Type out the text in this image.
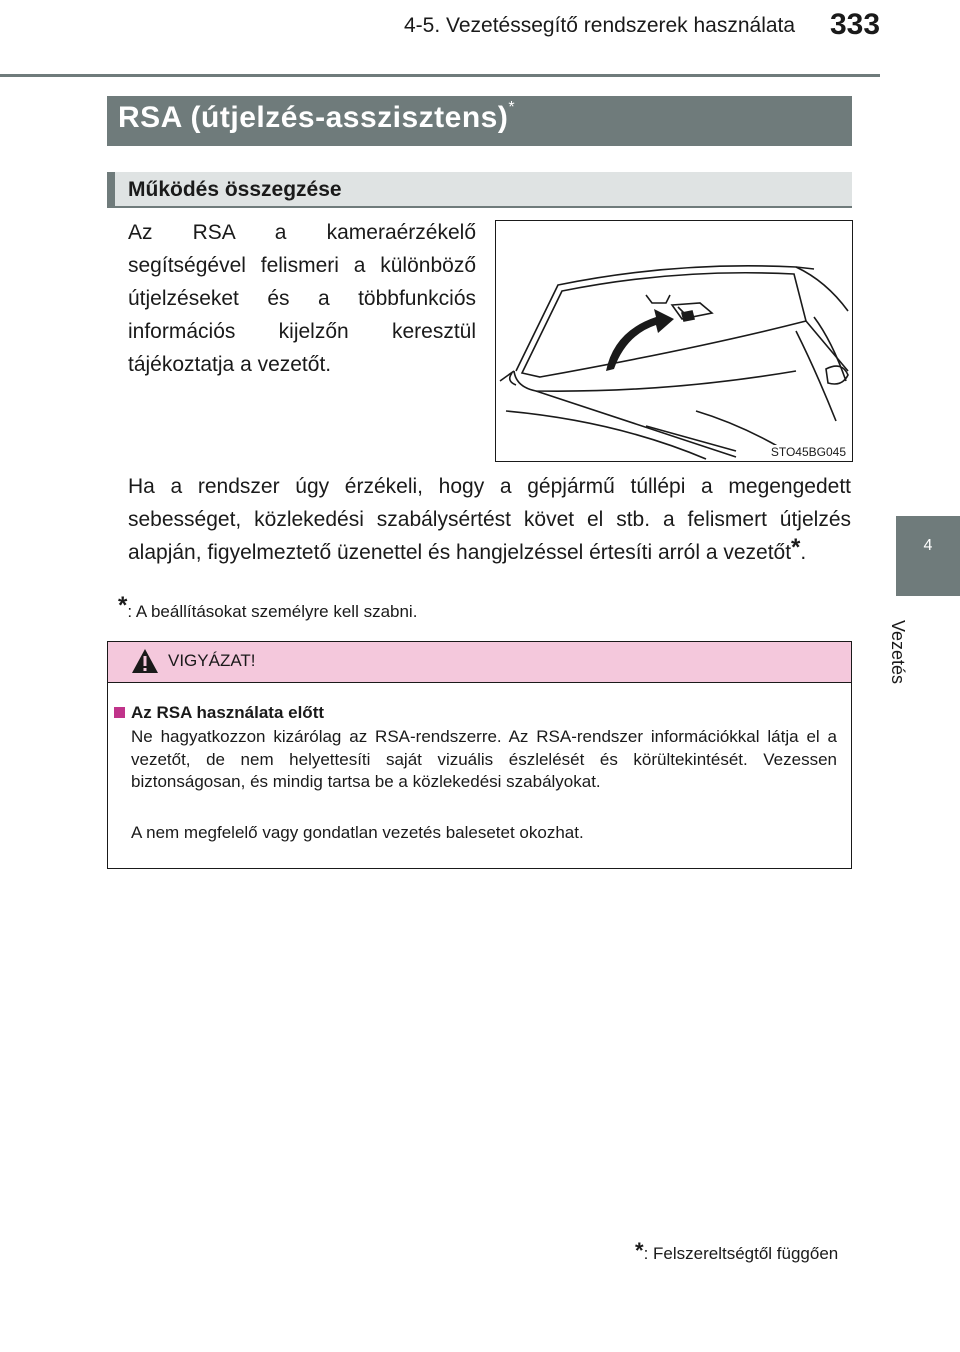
4-5. Vezetéssegítő rendszerek használata 333
4
Vezetés
RSA (útjelzés-asszisztens)*
Működés összegzése
Az RSA a kameraérzékelő segítségével felismeri a különböző útjelzéseket és a többfunkciós információs kijelzőn keresztül tájékoztatja a vezetőt.
STO45BG045
Ha a rendszer úgy érzékeli, hogy a gépjármű túllépi a megengedett sebességet, közlekedési szabálysértést követ el stb. a felismert útjelzés alapján, figyelmeztető üzenettel és hangjelzéssel értesíti arról a vezetőt*.
*: A beállításokat személyre kell szabni.
VIGYÁZAT!
Az RSA használata előtt
Ne hagyatkozzon kizárólag az RSA-rendszerre. Az RSA-rendszer információkkal látja el a vezetőt, de nem helyettesíti saját vizuális észlelését és körültekintését. Vezessen biztonságosan, és mindig tartsa be a közlekedési szabályokat.
A nem megfelelő vagy gondatlan vezetés balesetet okozhat.
*: Felszereltségtől függően
